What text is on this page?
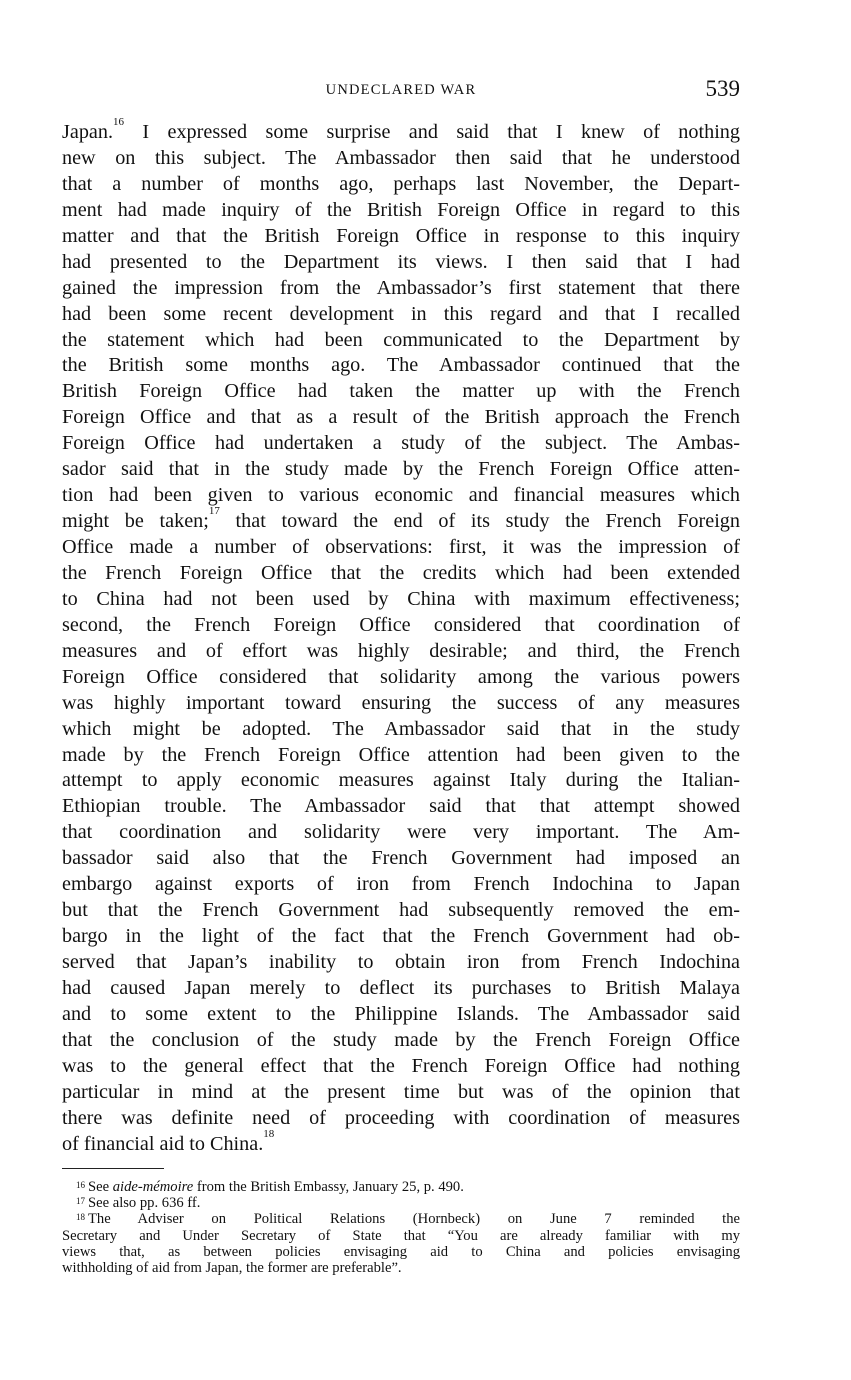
UNDECLARED WAR	539
Japan.$^{16}$ I expressed some surprise and said that I knew of nothing
new on this subject. The Ambassador then said that he understood
that a number of months ago, perhaps last November, the Depart-
ment had made inquiry of the British Foreign Office in regard to this
matter and that the British Foreign Office in response to this inquiry
had presented to the Department its views. I then said that I had
gained the impression from the Ambassador’s first statement that there
had been some recent development in this regard and that I recalled
the statement which had been communicated to the Department by
the British some months ago. The Ambassador continued that the
British Foreign Office had taken the matter up with the French
Foreign Office and that as a result of the British approach the French
Foreign Office had undertaken a study of the subject. The Ambas-
sador said that in the study made by the French Foreign Office atten-
tion had been given to various economic and financial measures which
might be taken;$^{17}$ that toward the end of its study the French Foreign
Office made a number of observations: first, it was the impression of
the French Foreign Office that the credits which had been extended
to China had not been used by China with maximum effectiveness;
second, the French Foreign Office considered that coordination of
measures and of effort was highly desirable; and third, the French
Foreign Office considered that solidarity among the various powers
was highly important toward ensuring the success of any measures
which might be adopted. The Ambassador said that in the study
made by the French Foreign Office attention had been given to the
attempt to apply economic measures against Italy during the Italian-
Ethiopian trouble. The Ambassador said that that attempt showed
that coordination and solidarity were very important. The Am-
bassador said also that the French Government had imposed an
embargo against exports of iron from French Indochina to Japan
but that the French Government had subsequently removed the em-
bargo in the light of the fact that the French Government had ob-
served that Japan’s inability to obtain iron from French Indochina
had caused Japan merely to deflect its purchases to British Malaya
and to some extent to the Philippine Islands. The Ambassador said
that the conclusion of the study made by the French Foreign Office
was to the general effect that the French Foreign Office had nothing
particular in mind at the present time but was of the opinion that
there was definite need of proceeding with coordination of measures
of financial aid to China.$^{18}$
$^{16}$ See aide-mémoire from the British Embassy, January 25, p. 490.
$^{17}$ See also pp. 636 ff.
$^{18}$ The Adviser on Political Relations (Hornbeck) on June 7 reminded the
Secretary and Under Secretary of State that “You are already familiar with my
views that, as between policies envisaging aid to China and policies envisaging
withholding of aid from Japan, the former are preferable”.
